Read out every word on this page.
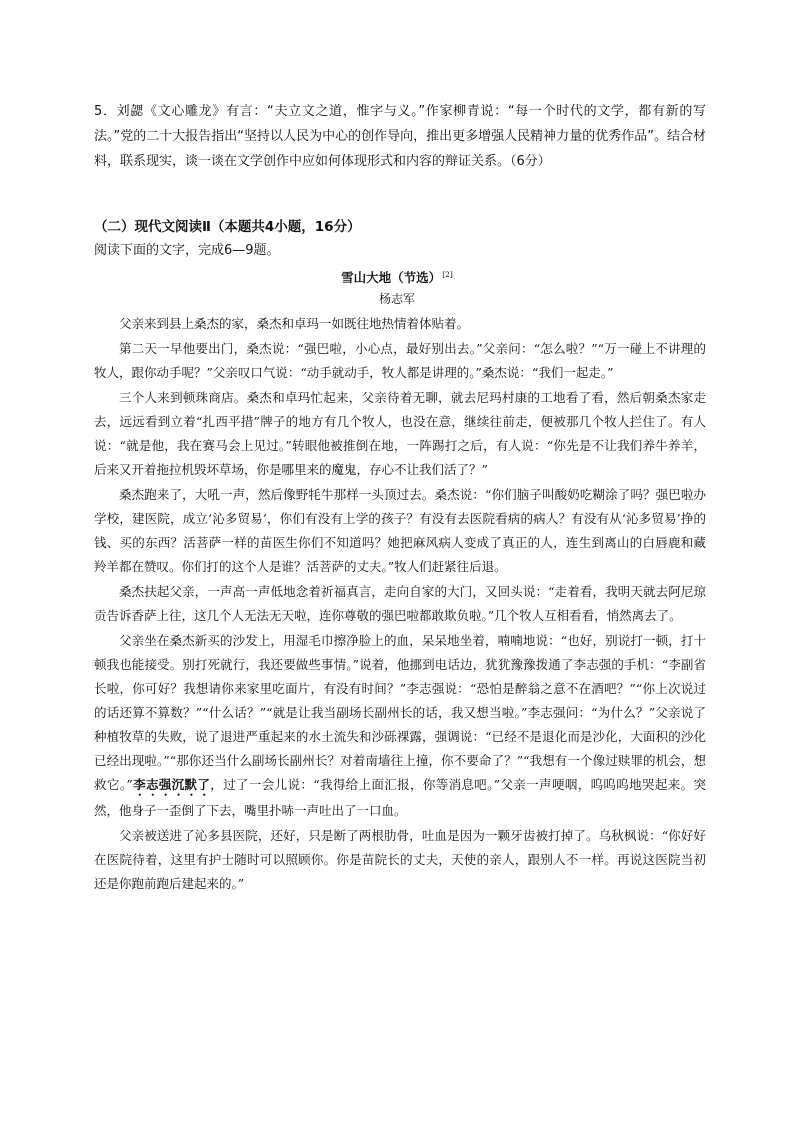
5．刘勰《文心雕龙》有言：“夫立文之道，惟字与义。”作家柳青说：“每一个时代的文学，都有新的写法。”党的二十大报告指出“坚持以人民为中心的创作导向，推出更多增强人民精神力量的优秀作品”。结合材料，联系现实，谈一谈在文学创作中应如何体现形式和内容的辩证关系。（6分）
（二）现代文阅读Ⅱ（本题共4小题，16分）
阅读下面的文字，完成6—9题。
雪山大地（节选）[2]
杨志军

父亲来到县上桑杰的家，桑杰和卓玛一如既往地热情着体贴着。

第二天一早他要出门，桑杰说：“强巴啦，小心点，最好别出去。”父亲问：“怎么啦？”“万一碰上不讲理的牧人，跟你动手呢？”父亲叹口气说：“动手就动手，牧人都是讲理的。”桑杰说：“我们一起走。”

三个人来到顿珠商店。桑杰和卓玛忙起来，父亲待着无聊，就去尼玛村康的工地看了看，然后朝桑杰家走去，远远看到立着“扎西平措”牌子的地方有几个牧人，也没在意，继续往前走，便被那几个牧人拦住了。有人说：“就是他，我在赛马会上见过。”转眼他被推倒在地，一阵踢打之后，有人说：“你先是不让我们养牛养羊，后来又开着拖拉机毁坏草场，你是哪里来的魔鬼，存心不让我们活了？”

桑杰跑来了，大吼一声，然后像野牦牛那样一头顶过去。桑杰说：“你们脑子叫酸奶吃糊涂了吗？强巴啦办学校，建医院，成立‘沁多贸易’，你们有没有上学的孩子？有没有去医院看病的病人？有没有从‘沁多贸易’挣的钱、买的东西？活菩萨一样的苗医生你们不知道吗？她把麻风病人变成了真正的人，连生到离山的白唇鹿和藏羚羊都在赞叹。你们打的这个人是谁？活菩萨的丈夫。”牧人们赶紧往后退。

桑杰扶起父亲，一声高一声低地念着祈福真言，走向自家的大门，又回头说：“走着看，我明天就去阿尼琼贡告诉香萨上往，这几个人无法无天啦，连你尊敬的强巴啦都敢欺负啦。”几个牧人互相看看，悄然离去了。

父亲坐在桑杰新买的沙发上，用湿毛巾擦净脸上的血，呆呆地坐着，喃喃地说：“也好，别说打一顿，打十顿我也能接受。别打死就行，我还要做些事情。”说着，他挪到电话边，犹犹豫豫拨通了李志强的手机：“李副省长啦，你可好？我想请你来家里吃面片，有没有时间？”李志强说：“恐怕是醉翁之意不在酒吧？”“你上次说过的话还算不算数？”“什么话？”“就是让我当副场长副州长的话，我又想当啦。”李志强问：“为什么？”父亲说了种植牧草的失败，说了退进严重起来的水土流失和沙砾裸露，强调说：“已经不是退化而是沙化，大面积的沙化已经出现啦。”“那你还当什么副场长副州长？对着南墙往上撞，你不要命了？”“我想有一个像过赎罪的机会，想救它。”李志强沉默了，过了一会儿说：“我得给上面汇报，你等消息吧。”父亲一声哽咽，呜呜呜地哭起来。突然，他身子一歪倒了下去，嘴里扑哧一声吐出了一口血。

父亲被送进了沁多县医院，还好，只是断了两根肋骨，吐血是因为一颗牙齿被打掉了。乌秋枫说：“你好好在医院待着，这里有护士随时可以照顾你。你是苗院长的丈夫，天使的亲人，跟别人不一样。再说这医院当初还是你跑前跑后建起来的。”
